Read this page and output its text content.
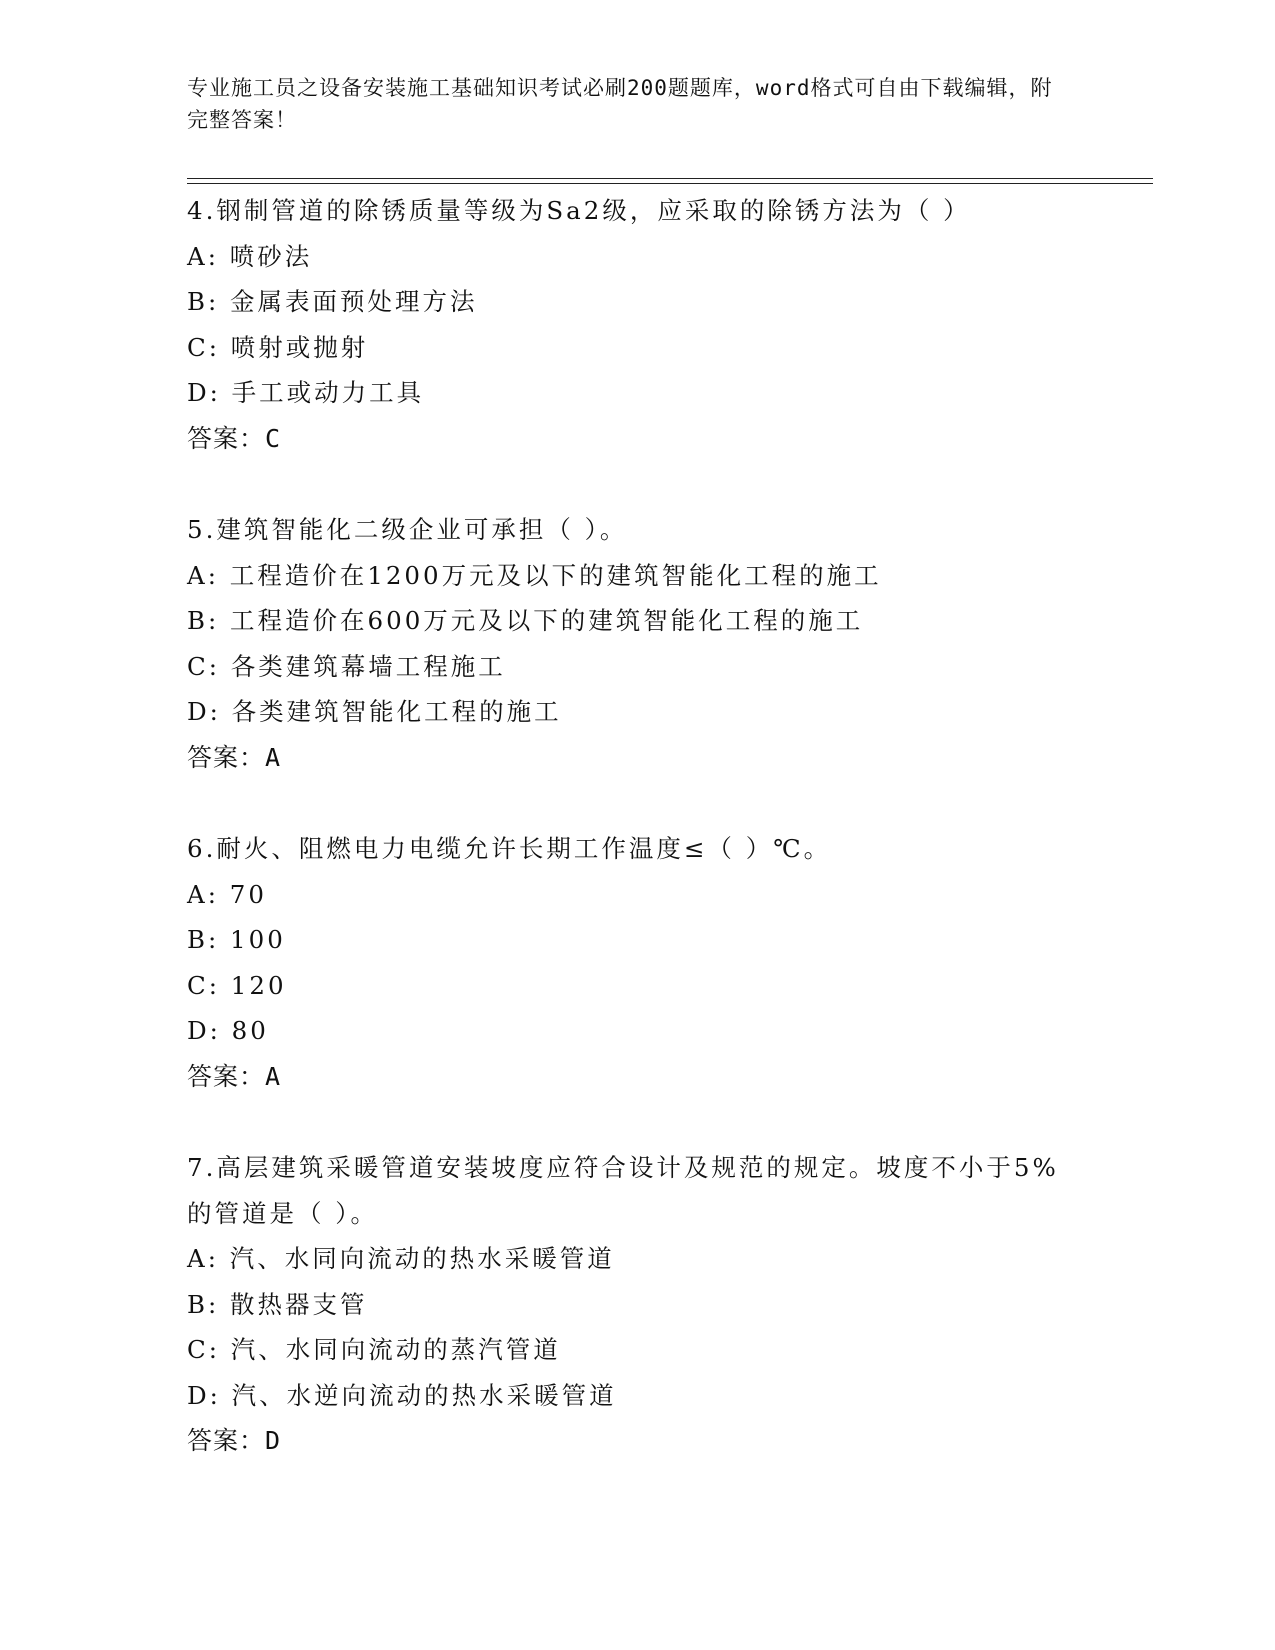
专业施工员之设备安装施工基础知识考试必刷200题题库，word格式可自由下载编辑，附完整答案！
4.钢制管道的除锈质量等级为Sa2级，应采取的除锈方法为（ ）
A: 喷砂法
B: 金属表面预处理方法
C: 喷射或抛射
D: 手工或动力工具
答案：C
5.建筑智能化二级企业可承担（ ）。
A: 工程造价在1200万元及以下的建筑智能化工程的施工
B: 工程造价在600万元及以下的建筑智能化工程的施工
C: 各类建筑幕墙工程施工
D: 各类建筑智能化工程的施工
答案：A
6.耐火、阻燃电力电缆允许长期工作温度≤（ ）℃。
A: 70
B: 100
C: 120
D: 80
答案：A
7.高层建筑采暖管道安装坡度应符合设计及规范的规定。坡度不小于5%的管道是（ ）。
A: 汽、水同向流动的热水采暖管道
B: 散热器支管
C: 汽、水同向流动的蒸汽管道
D: 汽、水逆向流动的热水采暖管道
答案：D
